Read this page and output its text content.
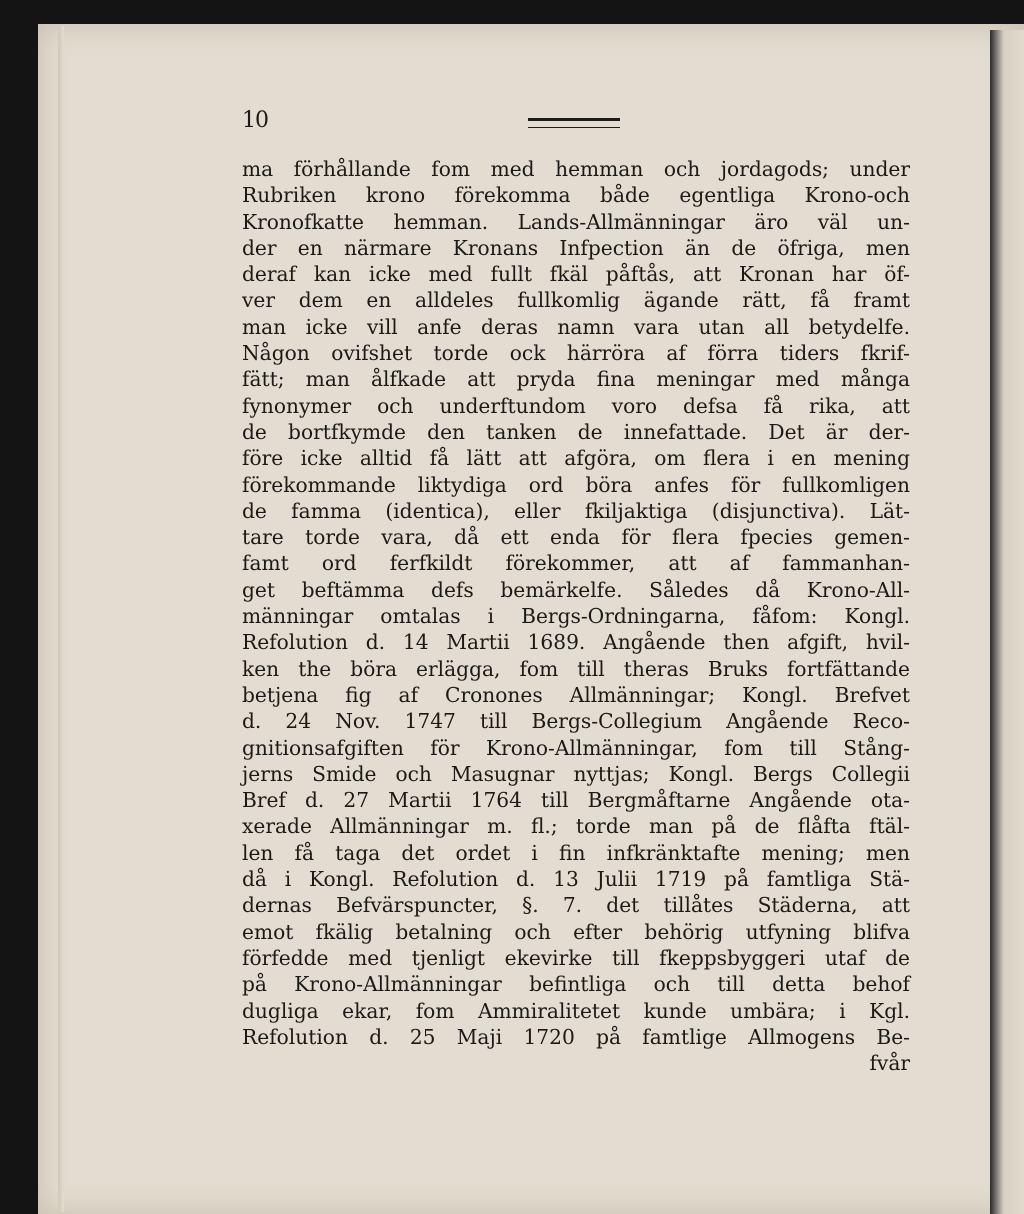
10
ma förhållande fom med hemman och jordagods; under
Rubriken krono förekomma både egentliga Krono-och
Kronofkatte hemman. Lands-Allmänningar äro väl un-
der en närmare Kronans Infpection än de öfriga, men
deraf kan icke med fullt fkäl påftås, att Kronan har öf-
ver dem en alldeles fullkomlig ägande rätt, få framt
man icke vill anfe deras namn vara utan all betydelfe.
Någon ovifshet torde ock härröra af förra tiders fkrif-
fätt; man ålfkade att pryda fina meningar med många
fynonymer och underftundom voro defsa få rika, att
de bortfkymde den tanken de innefattade. Det är der-
före icke alltid få lätt att afgöra, om flera i en mening
förekommande liktydiga ord böra anfes för fullkomligen
de famma (identica), eller fkiljaktiga (disjunctiva). Lät-
tare torde vara, då ett enda för flera fpecies gemen-
famt ord ferfkildt förekommer, att af fammanhan-
get beftämma defs bemärkelfe. Således då Krono-All-
männingar omtalas i Bergs-Ordningarna, fåfom: Kongl.
Refolution d. 14 Martii 1689. Angående then afgift, hvil-
ken the böra erlägga, fom till theras Bruks fortfättande
betjena fig af Cronones Allmänningar; Kongl. Brefvet
d. 24 Nov. 1747 till Bergs-Collegium Angående Reco-
gnitionsafgiften för Krono-Allmänningar, fom till Stång-
jerns Smide och Masugnar nyttjas; Kongl. Bergs Collegii
Bref d. 27 Martii 1764 till Bergmåftarne Angående ota-
xerade Allmänningar m. fl.; torde man på de flåfta ftäl-
len få taga det ordet i fin infkränktafte mening; men
då i Kongl. Refolution d. 13 Julii 1719 på famtliga Stä-
dernas Befvärspuncter, §. 7. det tillåtes Städerna, att
emot fkälig betalning och efter behörig utfyning blifva
förfedde med tjenligt ekevirke till fkeppsbyggeri utaf de
på Krono-Allmänningar befintliga och till detta behof
dugliga ekar, fom Ammiralitetet kunde umbära; i Kgl.
Refolution d. 25 Maji 1720 på famtlige Allmogens Be-
fvår
